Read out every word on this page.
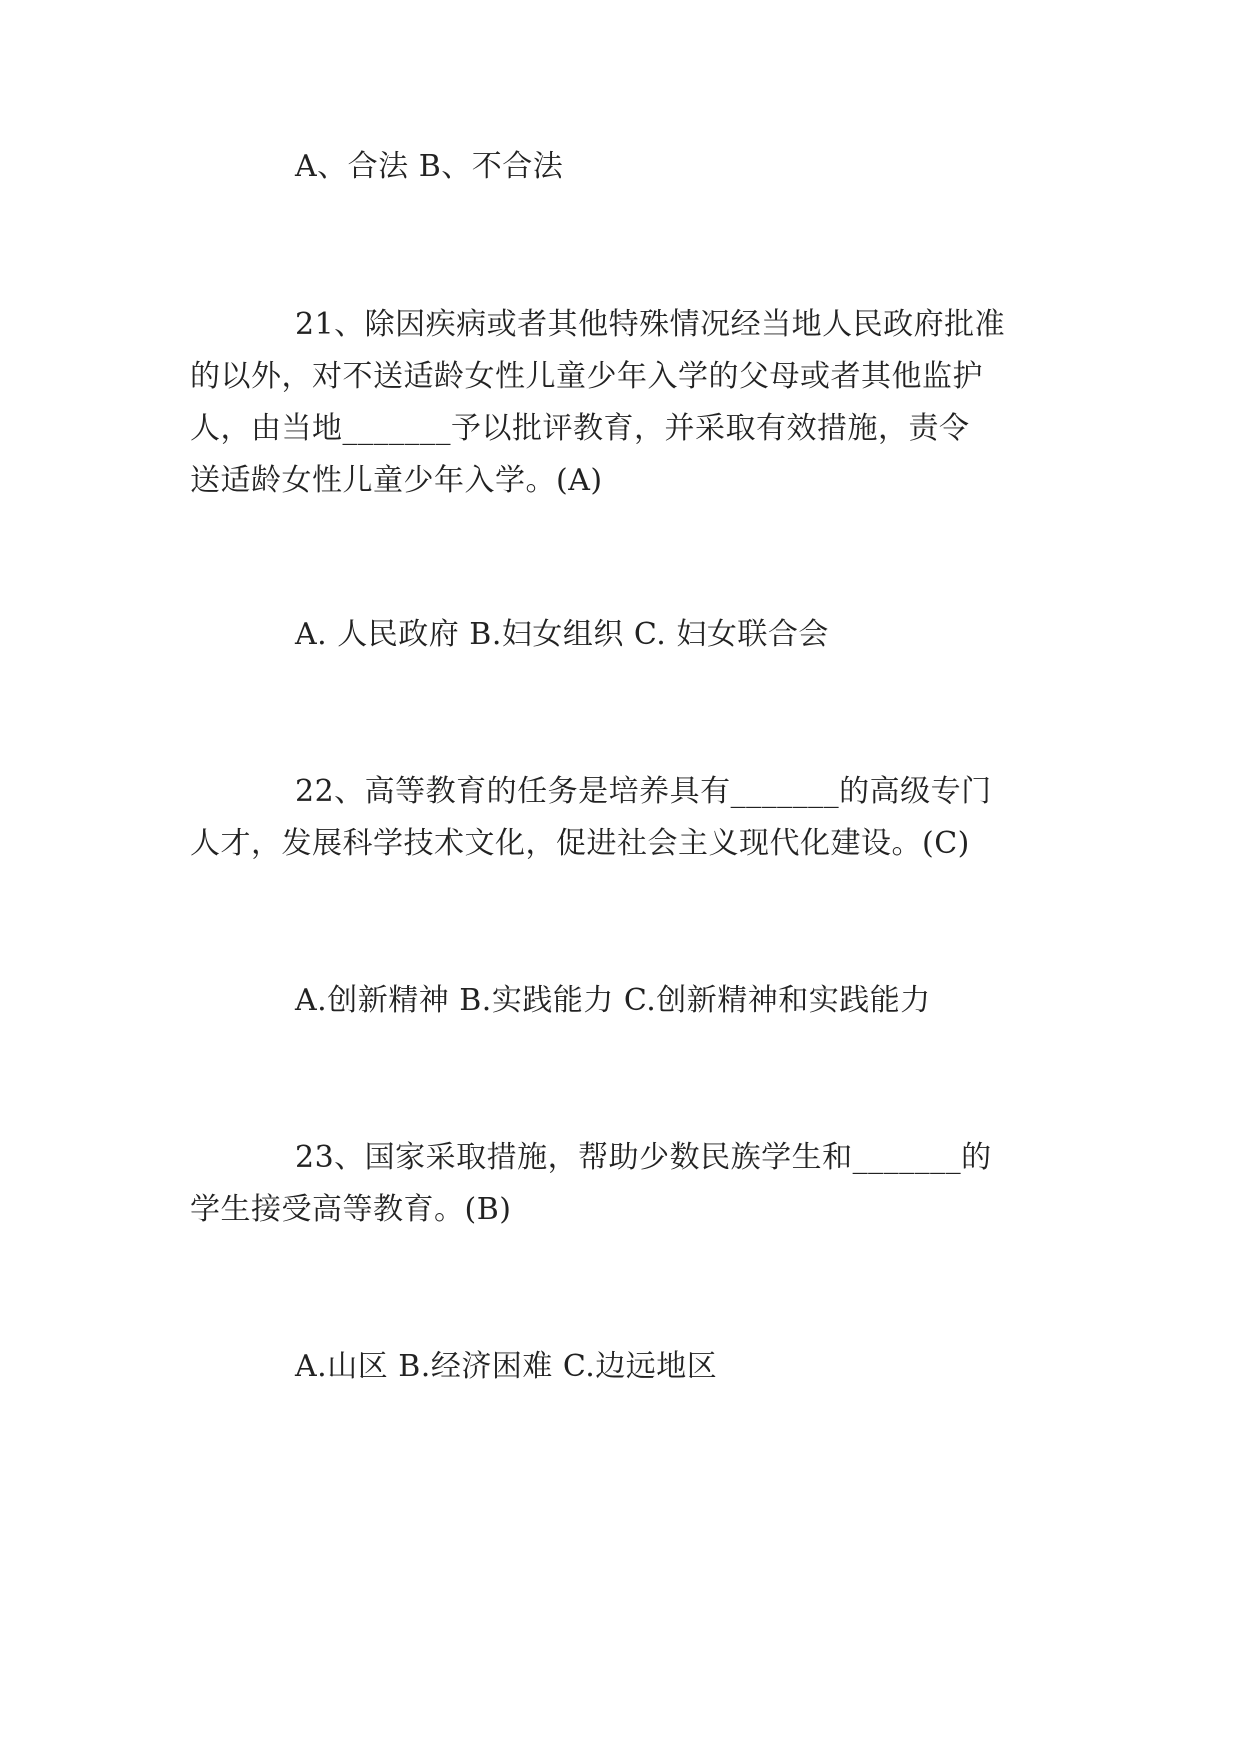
A、合法 B、不合法
21、除因疾病或者其他特殊情况经当地人民政府批准
的以外，对不送适龄女性儿童少年入学的父母或者其他监护
人，由当地_______予以批评教育，并采取有效措施，责令
送适龄女性儿童少年入学。(A)
A. 人民政府 B.妇女组织 C. 妇女联合会
22、高等教育的任务是培养具有_______的高级专门
人才，发展科学技术文化，促进社会主义现代化建设。(C)
A.创新精神 B.实践能力 C.创新精神和实践能力
23、国家采取措施，帮助少数民族学生和_______的
学生接受高等教育。(B)
A.山区 B.经济困难 C.边远地区
